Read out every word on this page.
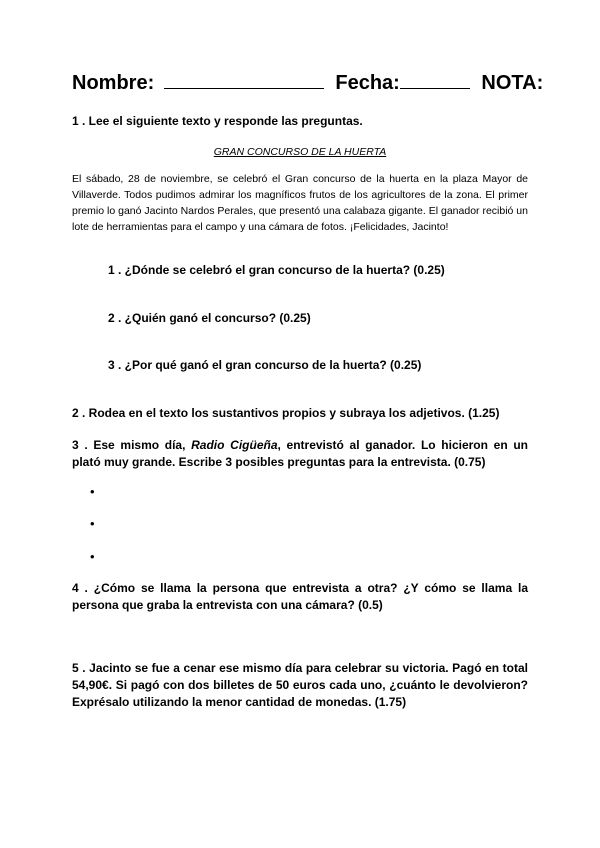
Nombre:	Fecha:	NOTA:
1 . Lee el siguiente texto y responde las preguntas.
GRAN CONCURSO DE LA HUERTA
El sábado, 28 de noviembre, se celebró el Gran concurso de la huerta en la plaza Mayor de Villaverde. Todos pudimos admirar los magníficos frutos de los agricultores de la zona. El primer premio lo ganó Jacinto Nardos Perales, que presentó una calabaza gigante. El ganador recibió un lote de herramientas para el campo y una cámara de fotos. ¡Felicidades, Jacinto!
1 . ¿Dónde se celebró el gran concurso de la huerta? (0.25)
2 . ¿Quién ganó el concurso? (0.25)
3 . ¿Por qué ganó el gran concurso de la huerta? (0.25)
2 . Rodea en el texto los sustantivos propios y subraya los adjetivos. (1.25)
3 . Ese mismo día, Radio Cigüeña, entrevistó al ganador. Lo hicieron en un plató muy grande. Escribe 3 posibles preguntas para la entrevista. (0.75)
•
•
•
4 . ¿Cómo se llama la persona que entrevista a otra? ¿Y cómo se llama la persona que graba la entrevista con una cámara? (0.5)
5 . Jacinto se fue a cenar ese mismo día para celebrar su victoria. Pagó en total 54,90€. Si pagó con dos billetes de 50 euros cada uno, ¿cuánto le devolvieron? Exprésalo utilizando la menor cantidad de monedas. (1.75)
